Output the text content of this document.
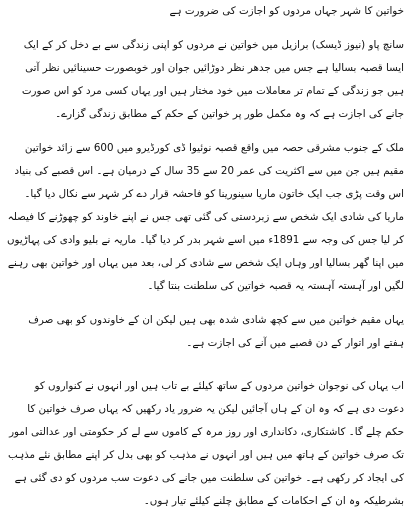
خواتین کا شہر جہاں مردوں کو اجازت کی ضرورت ہے

سانچ پاو (نیوز ڈیسک) برازیل میں خواتین نے مردوں کو اپنی زندگی سے بے دخل کر کے ایک ایسا قصبہ بسالیا ہے جس میں جدھر نظر دوڑائیں جوان اور خوبصورت حسینائیں نظر آتی ہیں جو زندگی کے تمام تر معاملات میں خود مختار ہیں اور یہاں کسی مرد کو اس صورت جانے کی اجازت ہے کہ وہ مکمل طور پر خواتین کے حکم کے مطابق زندگی گزارے۔

ملک کے جنوب مشرقی حصہ میں واقع قصبہ نوئیوا ڈی کورڈیرو میں 600 سے زائد خواتین مقیم ہیں جن میں سے اکثریت کی عمر 20 سے 35 سال کے درمیان ہے۔ اس قصبے کی بنیاد اس وقت پڑی جب ایک خاتون ماریا سینورینا کو فاحشہ قرار دے کر شہر سے نکال دیا گیا۔ ماریا کی شادی ایک شخص سے زبردستی کی گئی تھی جس نے اپنے خاوند کو چھوڑنے کا فیصلہ کر لیا جس کی وجہ سے 1891ء میں اسے شہر بدر کر دیا گیا۔ ماریہ نے بلیو وادی کی پہاڑیوں میں اپنا گھر بسالیا اور وہاں ایک شخص سے شادی کر لی، بعد میں یہاں اور خواتین بھی رہنے لگیں اور آہستہ آہستہ یہ قصبہ خواتین کی سلطنت بنتا گیا۔

یہاں مقیم خواتین میں سے کچھ شادی شدہ بھی ہیں لیکن ان کے خاوندوں کو بھی صرف ہفتے اور اتوار کے دن قصبے میں آنے کی اجازت ہے۔

اب یہاں کی نوجوان خواتین مردوں کے ساتھ کیلئے بے تاب ہیں اور انہوں نے کنواروں کو دعوت دی ہے کہ وہ ان کے ہاں آجائیں لیکن یہ ضرور یاد رکھیں کہ یہاں صرف خواتین کا حکم چلے گا۔ کاشتکاری، دکانداری اور روز مرہ کے کاموں سے لے کر حکومتی اور عدالتی امور تک صرف خواتین کے ہاتھ میں ہیں اور انہوں نے مذہب کو بھی بدل کر اپنے مطابق نئے مذہب کی ایجاد کر رکھی ہے۔ خواتین کی سلطنت میں جانے کی دعوت سب مردوں کو دی گئی ہے بشرطیکہ وہ ان کے احکامات کے مطابق چلنے کیلئے تیار ہوں۔
